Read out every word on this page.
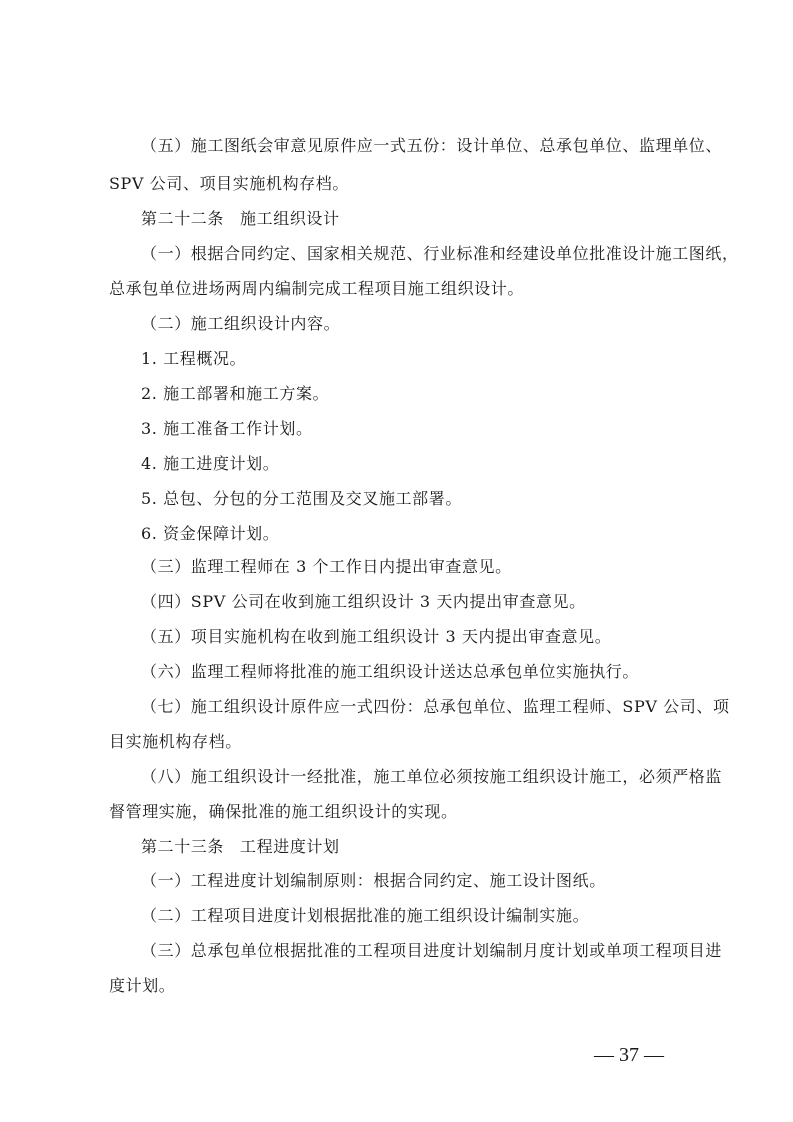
（五）施工图纸会审意见原件应一式五份：设计单位、总承包单位、监理单位、
SPV 公司、项目实施机构存档。
第二十二条 施工组织设计
（一）根据合同约定、国家相关规范、行业标准和经建设单位批准设计施工图纸，
总承包单位进场两周内编制完成工程项目施工组织设计。
（二）施工组织设计内容。
1. 工程概况。
2. 施工部署和施工方案。
3. 施工准备工作计划。
4. 施工进度计划。
5. 总包、分包的分工范围及交叉施工部署。
6. 资金保障计划。
（三）监理工程师在 3 个工作日内提出审查意见。
（四）SPV 公司在收到施工组织设计 3 天内提出审查意见。
（五）项目实施机构在收到施工组织设计 3 天内提出审查意见。
（六）监理工程师将批准的施工组织设计送达总承包单位实施执行。
（七）施工组织设计原件应一式四份：总承包单位、监理工程师、SPV 公司、项
目实施机构存档。
（八）施工组织设计一经批准，施工单位必须按施工组织设计施工，必须严格监
督管理实施，确保批准的施工组织设计的实现。
第二十三条 工程进度计划
（一）工程进度计划编制原则：根据合同约定、施工设计图纸。
（二）工程项目进度计划根据批准的施工组织设计编制实施。
（三）总承包单位根据批准的工程项目进度计划编制月度计划或单项工程项目进
度计划。
— 37 —
